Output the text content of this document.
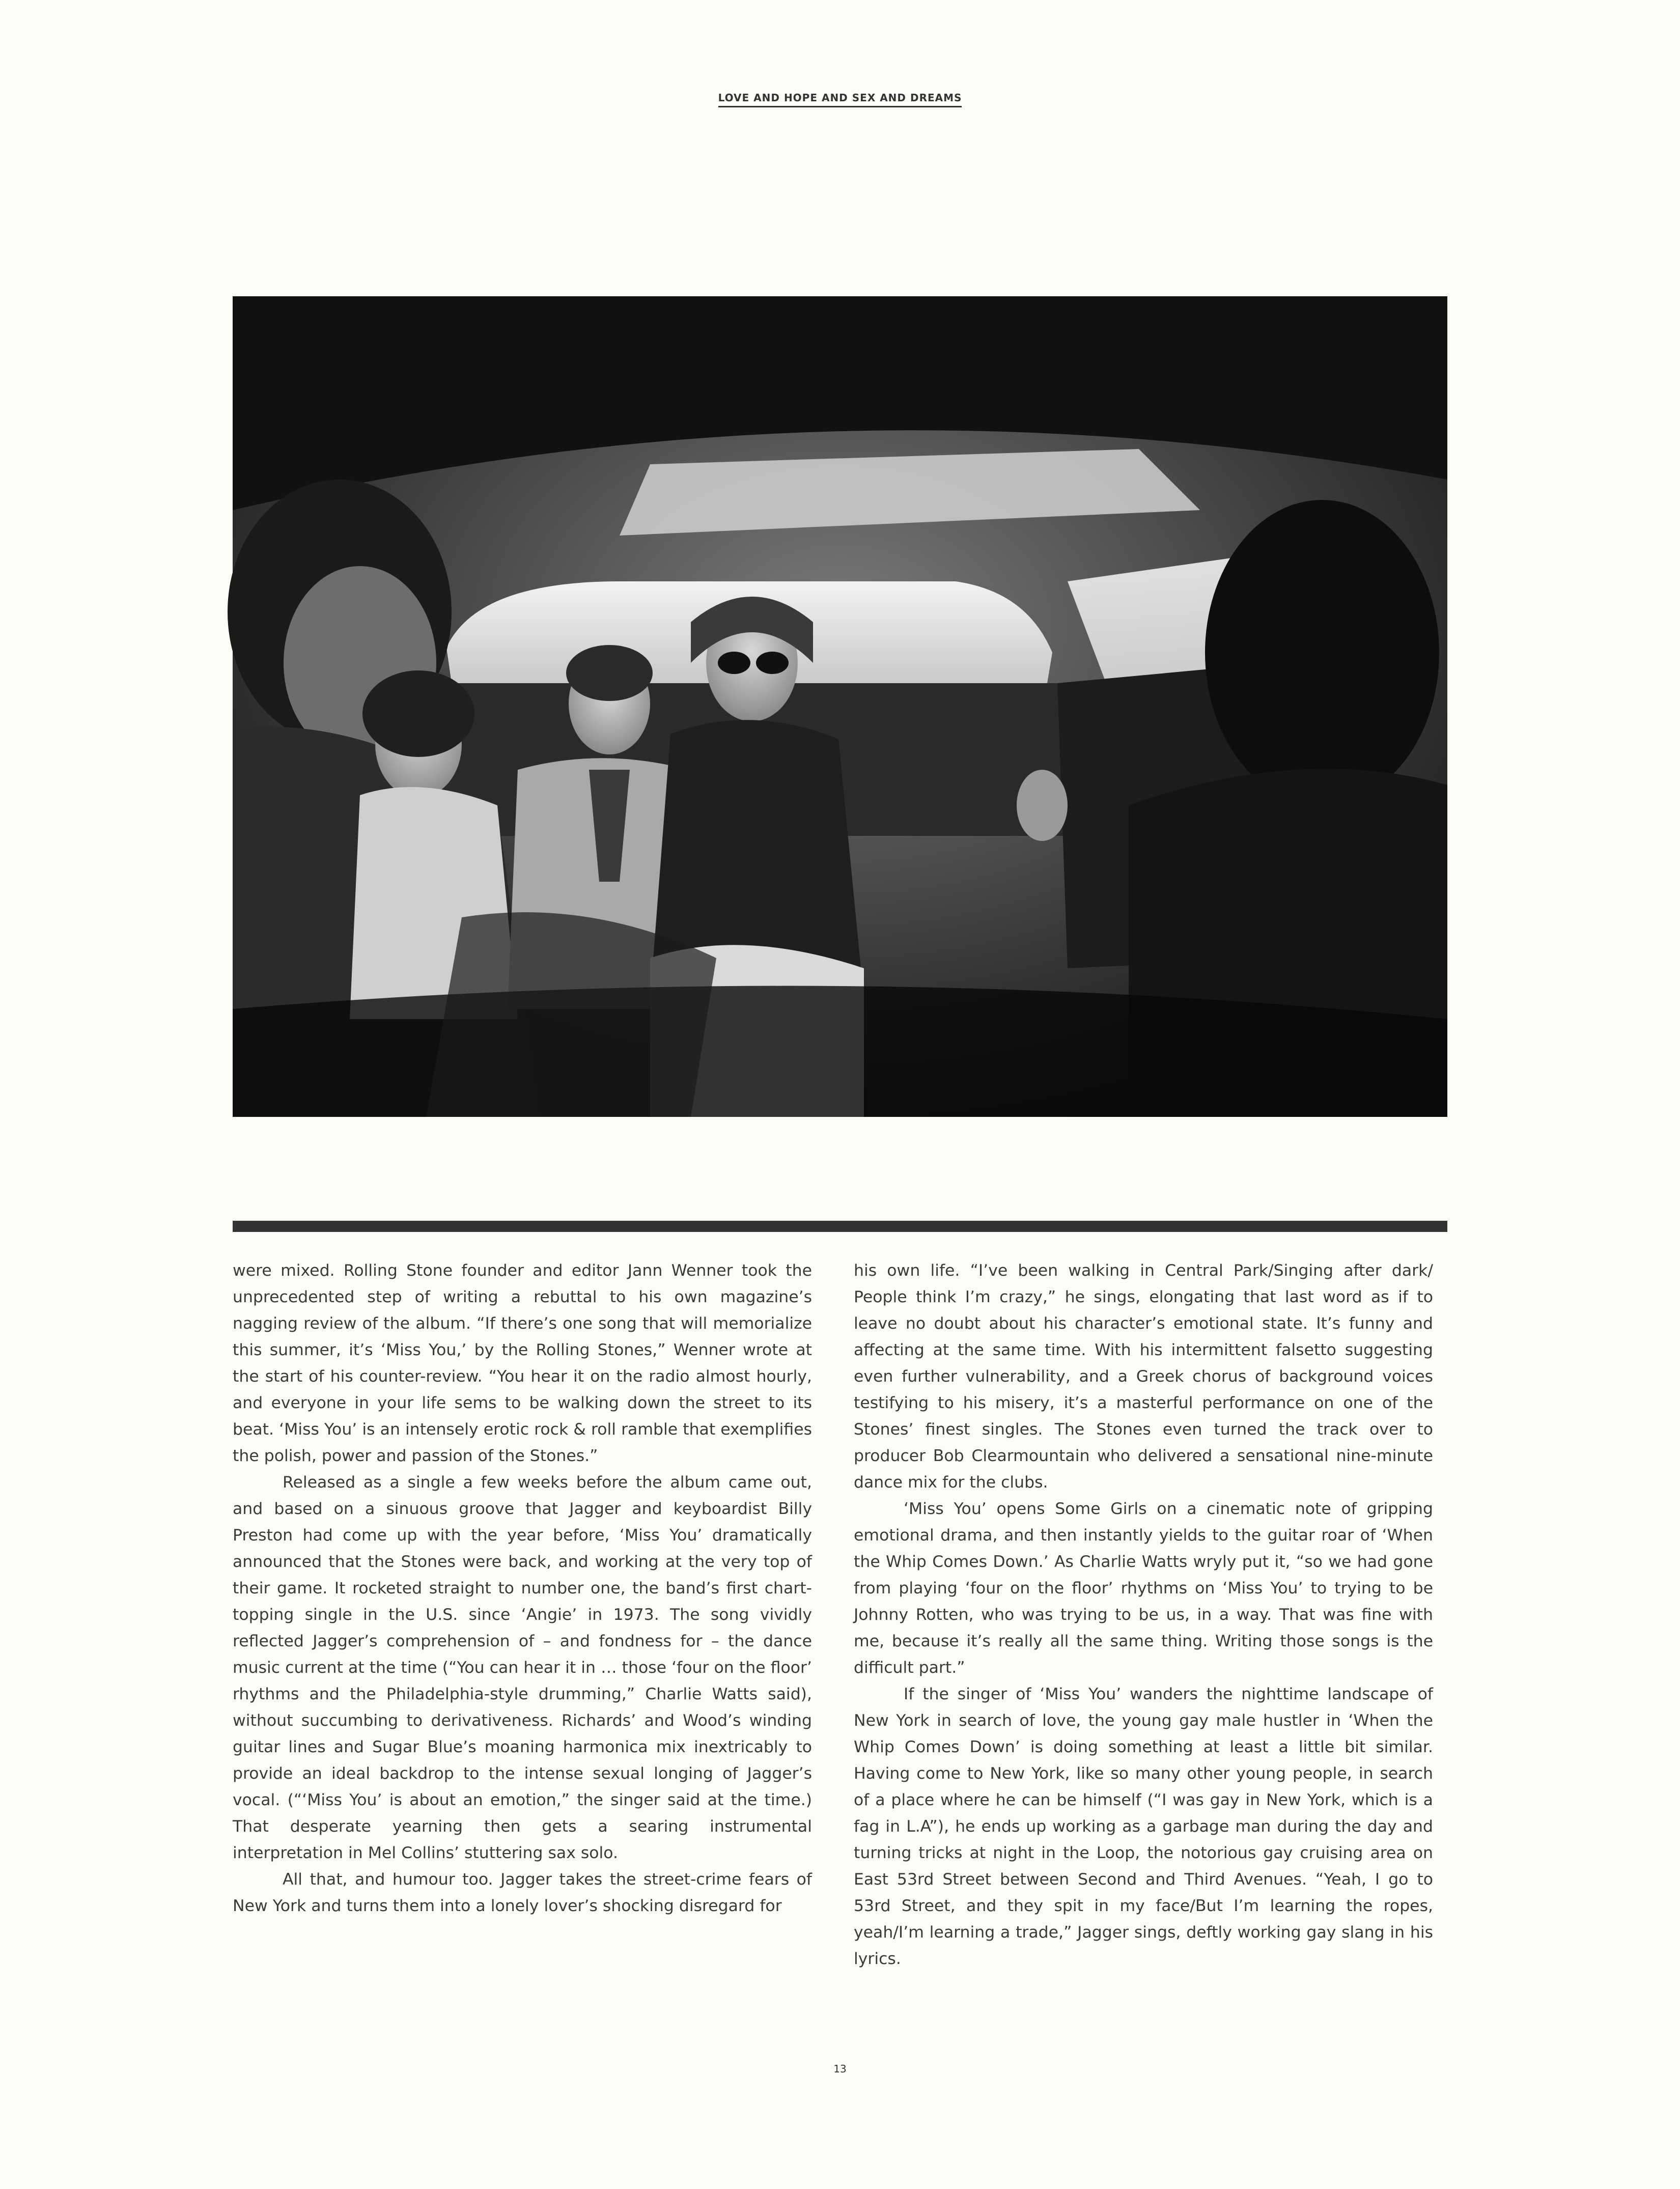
LOVE AND HOPE AND SEX AND DREAMS

were mixed. Rolling Stone founder and editor Jann Wenner took the unprecedented step of writing a rebuttal to his own magazine’s nagging review of the album. “If there’s one song that will memorialize this summer, it’s ‘Miss You,’ by the Rolling Stones,” Wenner wrote at the start of his counter-review. “You hear it on the radio almost hourly, and everyone in your life sems to be walking down the street to its beat. ‘Miss You’ is an intensely erotic rock & roll ramble that exemplifies the polish, power and passion of the Stones.”

Released as a single a few weeks before the album came out, and based on a sinuous groove that Jagger and keyboardist Billy Preston had come up with the year before, ‘Miss You’ dramatically announced that the Stones were back, and working at the very top of their game. It rocketed straight to number one, the band’s first chart-topping single in the U.S. since ‘Angie’ in 1973. The song vividly reflected Jagger’s comprehension of – and fondness for – the dance music current at the time (“You can hear it in … those ‘four on the floor’ rhythms and the Philadelphia-style drumming,” Charlie Watts said), without succumbing to derivativeness. Richards’ and Wood’s winding guitar lines and Sugar Blue’s moaning harmonica mix inextricably to provide an ideal backdrop to the intense sexual longing of Jagger’s vocal. (“‘Miss You’ is about an emotion,” the singer said at the time.) That desperate yearning then gets a searing instrumental interpretation in Mel Collins’ stuttering sax solo.

All that, and humour too. Jagger takes the street-crime fears of New York and turns them into a lonely lover’s shocking disregard for

his own life. “I’ve been walking in Central Park/Singing after dark/ People think I’m crazy,” he sings, elongating that last word as if to leave no doubt about his character’s emotional state. It’s funny and affecting at the same time. With his intermittent falsetto suggesting even further vulnerability, and a Greek chorus of background voices testifying to his misery, it’s a masterful performance on one of the Stones’ finest singles. The Stones even turned the track over to producer Bob Clearmountain who delivered a sensational nine-minute dance mix for the clubs.

‘Miss You’ opens Some Girls on a cinematic note of gripping emotional drama, and then instantly yields to the guitar roar of ‘When the Whip Comes Down.’ As Charlie Watts wryly put it, “so we had gone from playing ‘four on the floor’ rhythms on ‘Miss You’ to trying to be Johnny Rotten, who was trying to be us, in a way. That was fine with me, because it’s really all the same thing. Writing those songs is the difficult part.”

If the singer of ‘Miss You’ wanders the nighttime landscape of New York in search of love, the young gay male hustler in ‘When the Whip Comes Down’ is doing something at least a little bit similar. Having come to New York, like so many other young people, in search of a place where he can be himself (“I was gay in New York, which is a fag in L.A”), he ends up working as a garbage man during the day and turning tricks at night in the Loop, the notorious gay cruising area on East 53rd Street between Second and Third Avenues. “Yeah, I go to 53rd Street, and they spit in my face/But I’m learning the ropes, yeah/I’m learning a trade,” Jagger sings, deftly working gay slang in his lyrics.

13
